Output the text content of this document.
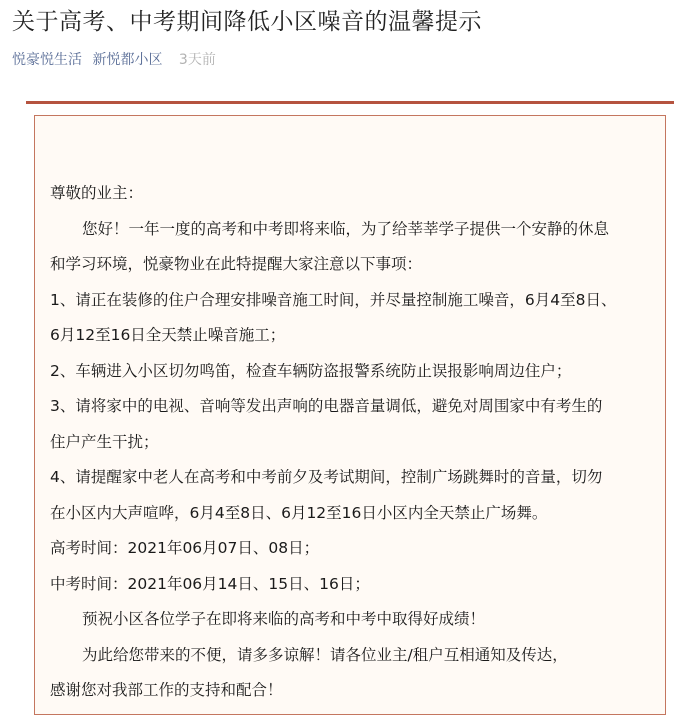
关于高考、中考期间降低小区噪音的温馨提示
悦豪悦生活 新悦都小区 3天前
尊敬的业主：
您好！一年一度的高考和中考即将来临，为了给莘莘学子提供一个安静的休息
和学习环境，悦豪物业在此特提醒大家注意以下事项：
1、请正在装修的住户合理安排噪音施工时间，并尽量控制施工噪音，6月4至8日、
6月12至16日全天禁止噪音施工；
2、车辆进入小区切勿鸣笛，检查车辆防盗报警系统防止误报影响周边住户；
3、请将家中的电视、音响等发出声响的电器音量调低，避免对周围家中有考生的
住户产生干扰；
4、请提醒家中老人在高考和中考前夕及考试期间，控制广场跳舞时的音量，切勿
在小区内大声喧哗，6月4至8日、6月12至16日小区内全天禁止广场舞。
高考时间：2021年06月07日、08日；
中考时间：2021年06月14日、15日、16日；
预祝小区各位学子在即将来临的高考和中考中取得好成绩！
为此给您带来的不便，请多多谅解！请各位业主/租户互相通知及传达，
感谢您对我部工作的支持和配合！
